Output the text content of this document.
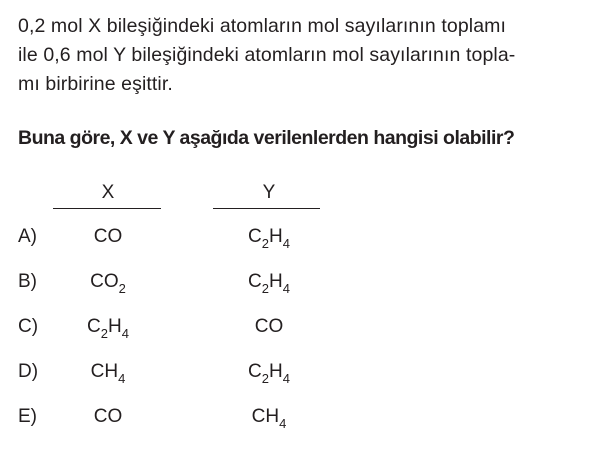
0,2 mol X bileşiğindeki atomların mol sayılarının toplamı
ile 0,6 mol Y bileşiğindeki atomların mol sayılarının topla-
mı birbirine eşittir.
Buna göre, X ve Y aşağıda verilenlerden hangisi olabilir?
X	Y
A)	CO	$C_2H_4$
B)	$CO_2$	$C_2H_4$
C)	$C_2H_4$	CO
D)	$CH_4$	$C_2H_4$
E)	CO	$CH_4$
